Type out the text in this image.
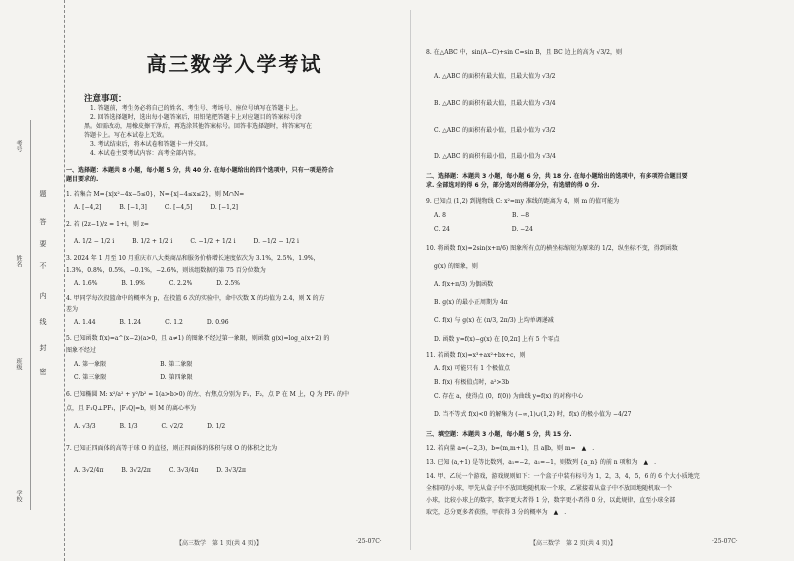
考号
姓名
班级
学校
题
答
要
不
内
线
封
密
高三数学入学考试
注意事项：
1. 答题前，考生务必将自己的姓名、考生号、考场号、座位号填写在答题卡上。
2. 回答选择题时，选出每小题答案后，用铅笔把答题卡上对应题目的答案标号涂
黑。如需改动，用橡皮擦干净后，再选涂其他答案标号。回答非选择题时，将答案写在
答题卡上。写在本试卷上无效。
3. 考试结束后，将本试卷和答题卡一并交回。
4. 本试卷主要考试内容：高考全部内容。
一、选择题：本题共 8 小题，每小题 5 分，共 40 分. 在每小题给出的四个选项中，只有一项是符合
题目要求的.
1. 若集合 M={x|x²−4x−5≤0}，N={x|−4≤x≤2}，则 M∩N=
A. [−4,2]　　　B. [−1,3]　　　C. [−4,5]　　　D. [−1,2]
2. 若 (2z−1)/z = 1+i，则 z=
A. 1/2 − 1/2 i　　　B. 1/2 + 1/2 i　　　C. −1/2 + 1/2 i　　　D. −1/2 − 1/2 i
3. 2024 年 1 月至 10 月重庆市八大类商品和服务价格增长速度依次为 3.1%，2.5%，1.9%，
1.3%，0.8%，0.5%，−0.1%，−2.6%，则该组数据的第 75 百分位数为
A. 1.6%　　　　B. 1.9%　　　　C. 2.2%　　　　D. 2.5%
4. 甲同学每次投篮命中的概率为 p，在投篮 6 次的实验中，命中次数 X 的均值为 2.4，则 X 的方
差为
A. 1.44　　　　B. 1.24　　　　C. 1.2　　　　D. 0.96
5. 已知函数 f(x)=a^(x−2)(a>0，且 a≠1) 的图象不经过第一象限，则函数 g(x)=log_a(x+2) 的
图象不经过
A. 第一象限　　　　　　　　　B. 第二象限
C. 第三象限　　　　　　　　　D. 第四象限
6. 已知椭圆 M: x²/a² + y²/b² = 1(a>b>0) 的左、右焦点分别为 F₁，F₂，点 P 在 M 上，Q 为 PF₁ 的中
点，且 F₁Q⊥PF₁，|F₁Q|=b，则 M 的离心率为
A. √3/3　　　　B. 1/3　　　　C. √2/2　　　　D. 1/2
7. 已知正四面体的高等于球 O 的直径，则正四面体的体积与球 O 的体积之比为
A. 3√2/4π　　　B. 3√2/2π　　　C. 3√3/4π　　　D. 3√3/2π
【高三数学　第 1 页(共 4 页)】	·25-07C·
8. 在△ABC 中，sin(A−C)+sin C=sin B，且 BC 边上的高为 √3/2，则
A. △ABC 的面积有最大值，且最大值为 √3/2
B. △ABC 的面积有最大值，且最大值为 √3/4
C. △ABC 的面积有最小值，且最小值为 √3/2
D. △ABC 的面积有最小值，且最小值为 √3/4
二、选择题：本题共 3 小题，每小题 6 分，共 18 分. 在每小题给出的选项中，有多项符合题目要
求. 全部选对的得 6 分，部分选对的得部分分，有选错的得 0 分.
9. 已知点 (1,2) 到抛物线 C: x²=my 准线的距离为 4，则 m 的值可能为
A. 8　　　　　　　　　　　B. −8
C. 24　　　　　　　　　　 D. −24
10. 将函数 f(x)=2sin(x+π/6) 图象所有点的横坐标缩短为原来的 1/2，纵坐标不变，得到函数
g(x) 的图象，则
A. f(x+π/3) 为偶函数
B. g(x) 的最小正周期为 4π
C. f(x) 与 g(x) 在 (π/3, 2π/3) 上均单调递减
D. 函数 y=f(x)−g(x) 在 [0,2π] 上有 5 个零点
11. 若函数 f(x)=x³+ax²+bx+c，则
A. f(x) 可能只有 1 个极值点
B. f(x) 有极值点时，a²>3b
C. 存在 a，使得点 (0，f(0)) 为曲线 y=f(x) 的对称中心
D. 当不等式 f(x)<0 的解集为 (−∞,1)∪(1,2) 时，f(x) 的极小值为 −4/27
三、填空题：本题共 3 小题，每小题 5 分，共 15 分.
12. 若向量 a=(−2,3)，b=(m,m+1)，且 a∥b，则 m=　▲　.
13. 已知 (a,+1) 是等比数列，a₁=−2，a₁=−1，则数列 {a_n} 的前 n 项和为　▲　.
14. 甲、乙玩一个游戏，游戏规则如下：一个盒子中装有标号为 1，2，3，4，5，6 的 6 个大小质地完
全相同的小球，甲先从盒子中不放回地随机取一个球，乙紧接着从盒子中不放回地随机取一个
小球，比较小球上的数字，数字更大者得 1 分，数字更小者得 0 分，以此规律，直至小球全部
取完，总分更多者获胜，甲获得 3 分的概率为　▲　.
【高三数学　第 2 页(共 4 页)】	·25-07C·
